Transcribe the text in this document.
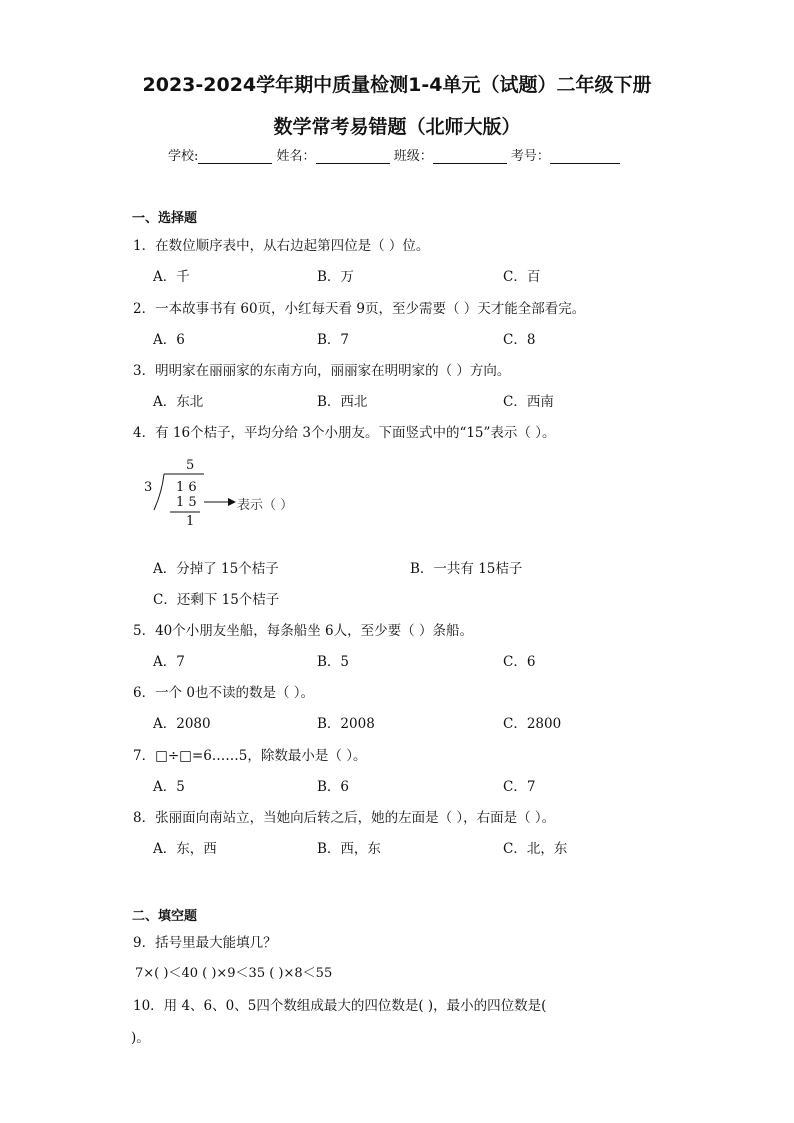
2023-2024学年期中质量检测1-4单元（试题）二年级下册
数学常考易错题（北师大版）
学校:	姓名：	班级：	考号：
一、选择题
1．在数位顺序表中，从右边起第四位是（ ）位。
A．千	B．万	C．百
2．一本故事书有 60页，小红每天看 9页，至少需要（ ）天才能全部看完。
A．6	B．7	C．8
3．明明家在丽丽家的东南方向，丽丽家在明明家的（ ）方向。
A．东北	B．西北	C．西南
4．有 16个桔子，平均分给 3个小朋友。下面竖式中的“15”表示（ ）。
3
5
1 6
1 5
1
表示（ ）
A．分掉了 15个桔子	B．一共有 15桔子
C．还剩下 15个桔子
5．40个小朋友坐船，每条船坐 6人，至少要（ ）条船。
A．7	B．5	C．6
6．一个 0也不读的数是（ ）。
A．2080	B．2008	C．2800
7．□÷□=6……5，除数最小是（ ）。
A．5	B．6	C．7
8．张丽面向南站立，当她向后转之后，她的左面是（ ），右面是（ ）。
A．东，西	B．西，东	C．北，东
二、填空题
9．括号里最大能填几？
7×( )＜40 ( )×9＜35 ( )×8＜55
10．用 4、6、0、5四个数组成最大的四位数是( )，最小的四位数是(
)。
